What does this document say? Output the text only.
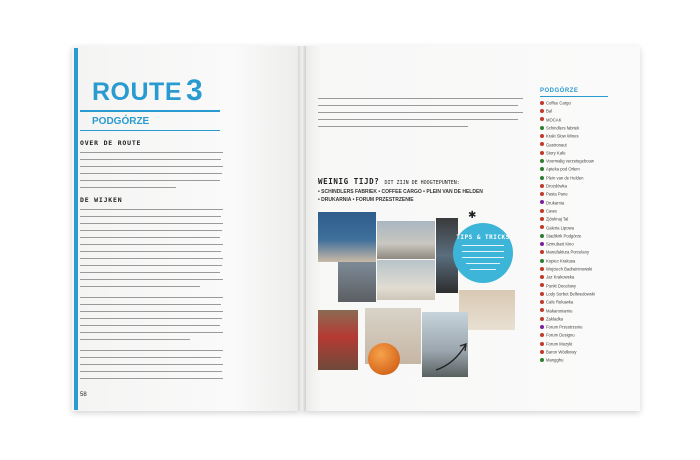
ROUTE 3
PODGÓRZE
OVER DE ROUTE
DE WIJKEN
58
WEINIG TIJD? DIT ZIJN DE HOOGTEPUNTEN:
• SCHINDLERS FABRIEK • COFFEE CARGO • PLEIN VAN DE HELDEN
• DRUKARNIA • FORUM PRZESTRZENIE
✱
TIPS & TRICKS
PODGÓRZE
Coffee Cargo
Bal
MOCAK
Schindlers fabriek
Kraki Slow Wines
Gastronaut
Story Kafe
Voormalig verzetsgebouw
Apteka pod Orłem
Plein van de Helden
Drozdówka
Pasta Pane
Drukarnia
Cawa
Zjóshnaj Tal
Galeria Lipowa
Stadtkirk Podgórze
Szmulseit Kino
Manufaktura Porcelany
Kopiec Krakusa
Wojciech Badraininowski
Jaz Krakowska
Punkt Docelowy
Lody Sorbet Bellwedowski
Cafe Rekawka
Makaroniarnie
Zakladka
Forum Przestrzenie
Forum Designu
Forum Muzyki
Baron Wódkowy
Mangghu
